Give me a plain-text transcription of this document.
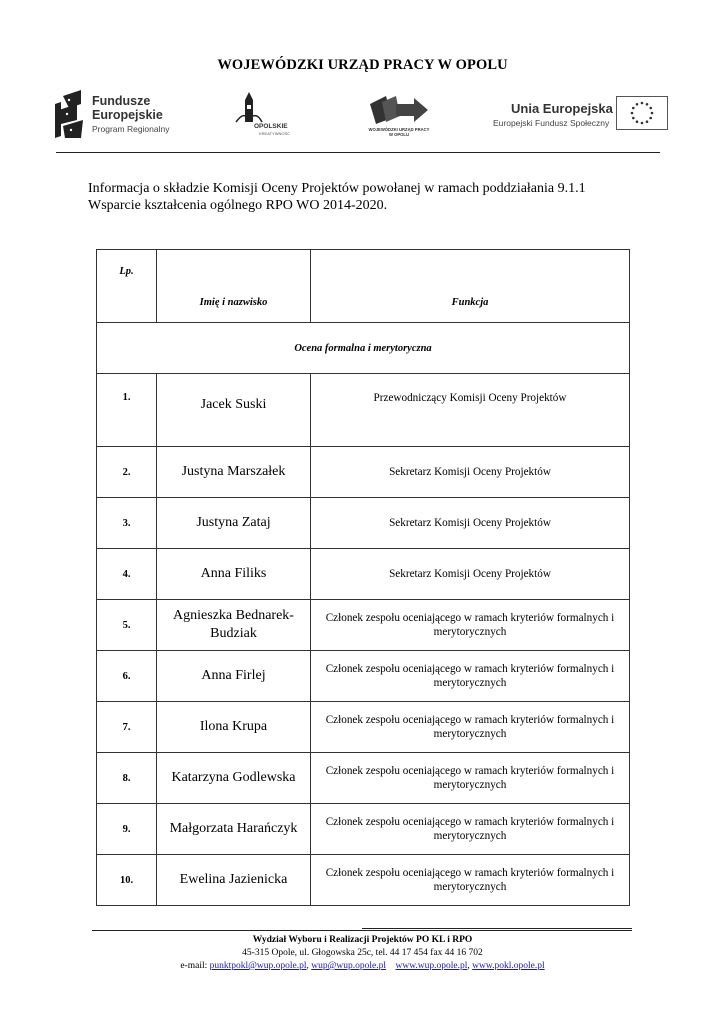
WOJEWÓDZKI URZĄD PRACY W OPOLU
Fundusze
Europejskie
Program Regionalny	OPOLSKIE
KREATYWNOŚĆ
WOJEWÓDZKI URZĄD PRACY
W OPOLU
Unia Europejska
Europejski Fundusz Społeczny
Informacja o składzie Komisji Oceny Projektów powołanej w ramach poddziałania 9.1.1
Wsparcie kształcenia ogólnego RPO WO 2014-2020.
Lp.	Imię i nazwisko	Funkcja
Ocena formalna i merytoryczna		
1.	Jacek Suski	Przewodniczący Komisji Oceny Projektów
2.	Justyna Marszałek	Sekretarz Komisji Oceny Projektów
3.	Justyna Zataj	Sekretarz Komisji Oceny Projektów
4.	Anna Filiks	Sekretarz Komisji Oceny Projektów
5.	Agnieszka Bednarek-Budziak	Członek zespołu oceniającego w ramach kryteriów formalnych i merytorycznych
6.	Anna Firlej	Członek zespołu oceniającego w ramach kryteriów formalnych i merytorycznych
7.	Ilona Krupa	Członek zespołu oceniającego w ramach kryteriów formalnych i merytorycznych
8.	Katarzyna Godlewska	Członek zespołu oceniającego w ramach kryteriów formalnych i merytorycznych
9.	Małgorzata Harańczyk	Członek zespołu oceniającego w ramach kryteriów formalnych i merytorycznych
10.	Ewelina Jazienicka	Członek zespołu oceniającego w ramach kryteriów formalnych i merytorycznych
Wydział Wyboru i Realizacji Projektów PO KL i RPO
45-315 Opole, ul. Głogowska 25c, tel. 44 17 454 fax 44 16 702
e-mail: punktpokl@wup.opole.pl, wup@wup.opole.pl www.wup.opole.pl, www.pokl.opole.pl
